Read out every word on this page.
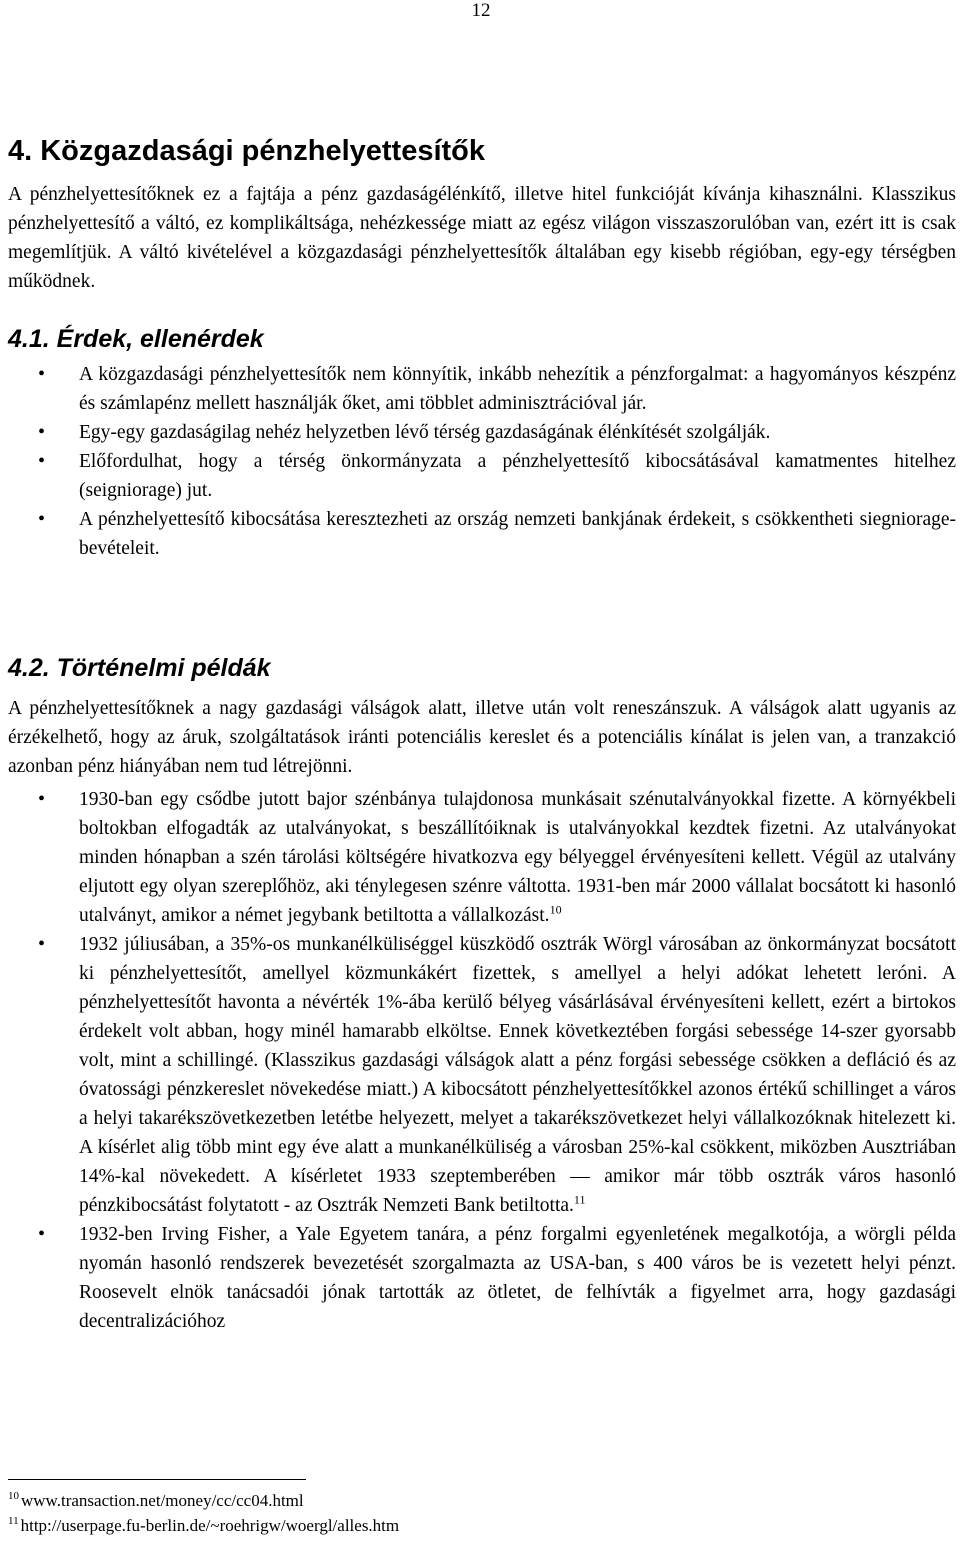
12
4. Közgazdasági pénzhelyettesítők

A pénzhelyettesítőknek ez a fajtája a pénz gazdaságélénkítő, illetve hitel funkcióját kívánja kihasználni. Klasszikus pénzhelyettesítő a váltó, ez komplikáltsága, nehézkessége miatt az egész világon visszaszorulóban van, ezért itt is csak megemlítjük. A váltó kivételével a közgazdasági pénzhelyettesítők általában egy kisebb régióban, egy-egy térségben működnek.

4.1. Érdek, ellenérdek
• A közgazdasági pénzhelyettesítők nem könnyítik, inkább nehezítik a pénzforgalmat: a hagyományos készpénz és számlapénz mellett használják őket, ami többlet adminisztrációval jár.
• Egy-egy gazdaságilag nehéz helyzetben lévő térség gazdaságának élénkítését szolgálják.
• Előfordulhat, hogy a térség önkormányzata a pénzhelyettesítő kibocsátásával kamatmentes hitelhez (seigniorage) jut.
• A pénzhelyettesítő kibocsátása keresztezheti az ország nemzeti bankjának érdekeit, s csökkentheti siegniorage-bevételeit.
4.2. Történelmi példák

A pénzhelyettesítőknek a nagy gazdasági válságok alatt, illetve után volt reneszánszuk. A válságok alatt ugyanis az érzékelhető, hogy az áruk, szolgáltatások iránti potenciális kereslet és a potenciális kínálat is jelen van, a tranzakció azonban pénz hiányában nem tud létrejönni.

• 1930-ban egy csődbe jutott bajor szénbánya tulajdonosa munkásait szénutalványokkal fizette. A környékbeli boltokban elfogadták az utalványokat, s beszállítóiknak is utalványokkal kezdtek fizetni. Az utalványokat minden hónapban a szén tárolási költségére hivatkozva egy bélyeggel érvényesíteni kellett. Végül az utalvány eljutott egy olyan szereplőhöz, aki ténylegesen szénre váltotta. 1931-ben már 2000 vállalat bocsátott ki hasonló utalványt, amikor a német jegybank betiltotta a vállalkozást.$^{10}$
• 1932 júliusában, a 35%-os munkanélküliséggel küszködő osztrák Wörgl városában az önkormányzat bocsátott ki pénzhelyettesítőt, amellyel közmunkákért fizettek, s amellyel a helyi adókat lehetett leróni. A pénzhelyettesítőt havonta a névérték 1%-ába kerülő bélyeg vásárlásával érvényesíteni kellett, ezért a birtokos érdekelt volt abban, hogy minél hamarabb elköltse. Ennek következtében forgási sebessége 14-szer gyorsabb volt, mint a schillingé. (Klasszikus gazdasági válságok alatt a pénz forgási sebessége csökken a defláció és az óvatossági pénzkereslet növekedése miatt.) A kibocsátott pénzhelyettesítőkkel azonos értékű schillinget a város a helyi takarékszövetkezetben letétbe helyezett, melyet a takarékszövetkezet helyi vállalkozóknak hitelezett ki. A kísérlet alig több mint egy éve alatt a munkanélküliség a városban 25%-kal csökkent, miközben Ausztriában 14%-kal növekedett. A kísérletet 1933 szeptemberében — amikor már több osztrák város hasonló pénzkibocsátást folytatott - az Osztrák Nemzeti Bank betiltotta.$^{11}$
• 1932-ben Irving Fisher, a Yale Egyetem tanára, a pénz forgalmi egyenletének megalkotója, a wörgli példa nyomán hasonló rendszerek bevezetését szorgalmazta az USA-ban, s 400 város be is vezetett helyi pénzt. Roosevelt elnök tanácsadói jónak tartották az ötletet, de felhívták a figyelmet arra, hogy gazdasági decentralizációhoz

$^{10}$ www.transaction.net/money/cc/cc04.html

$^{11}$ http://userpage.fu-berlin.de/~roehrigw/woergl/alles.htm
